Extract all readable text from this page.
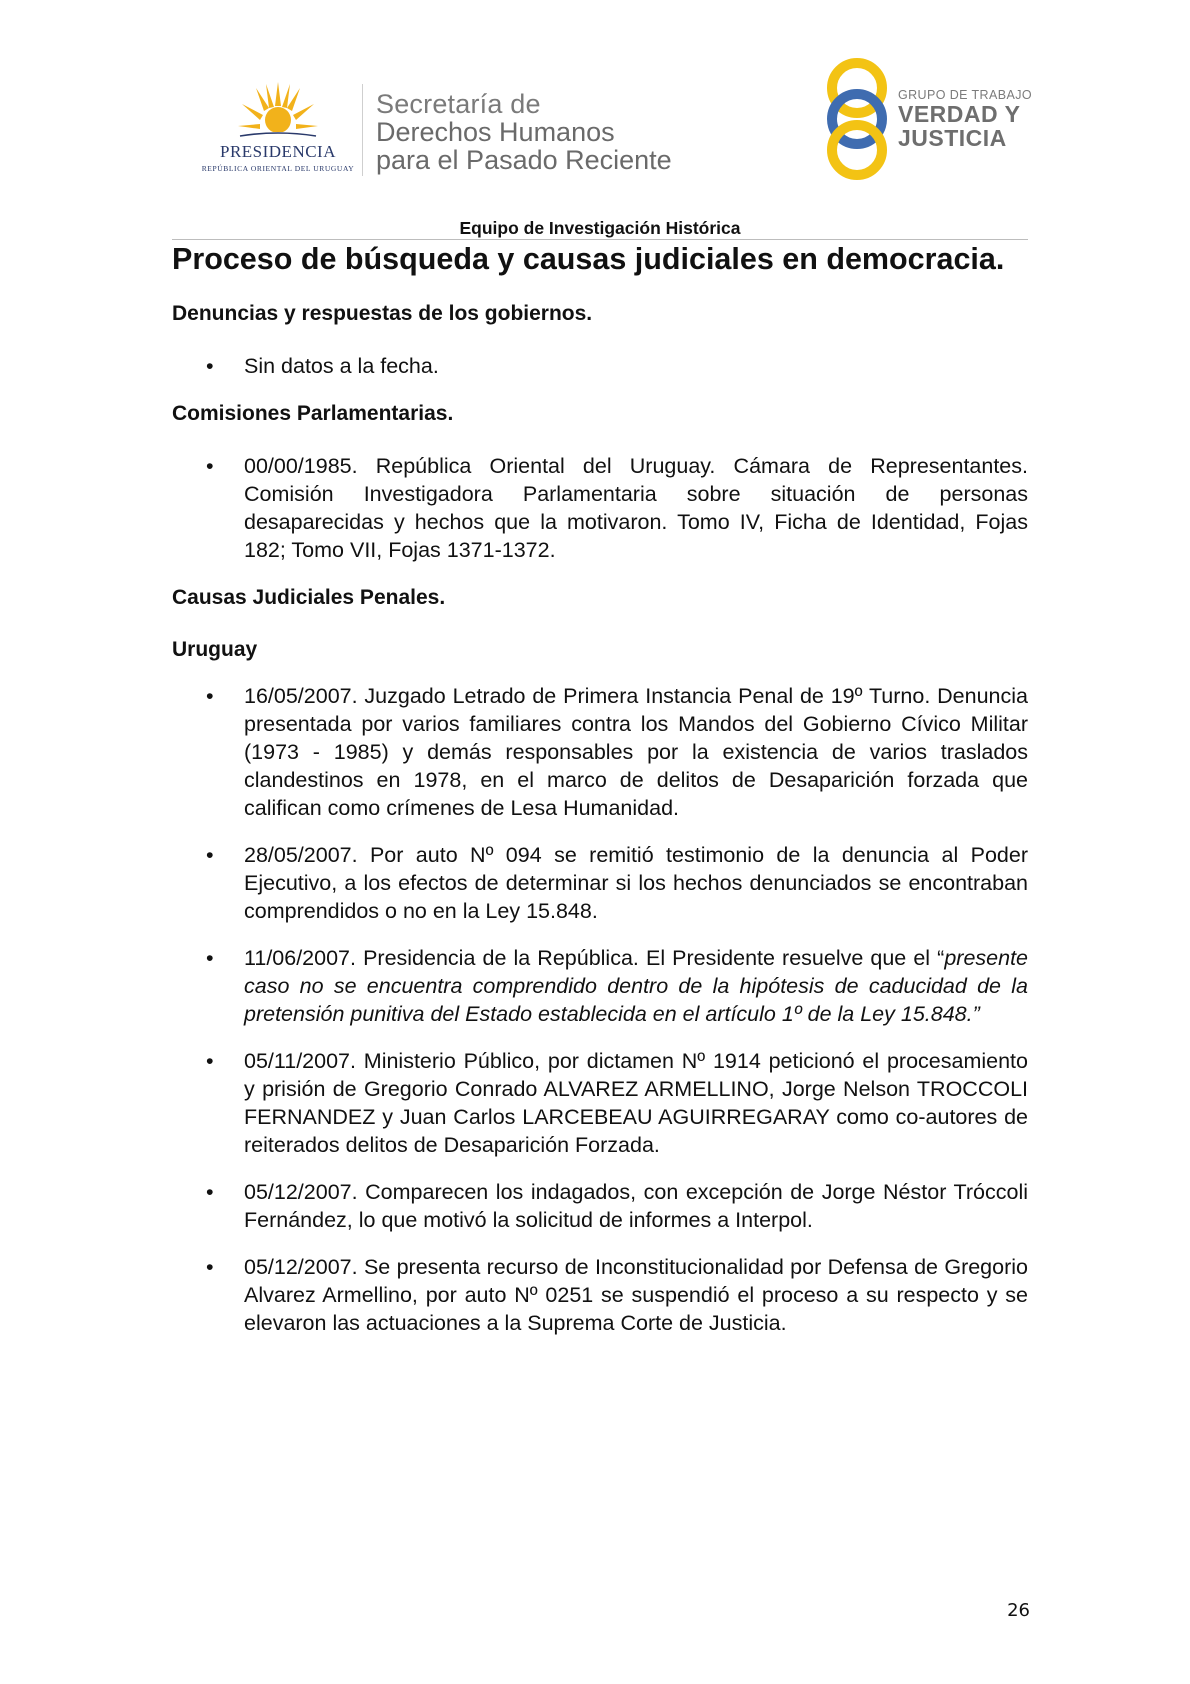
PRESIDENCIA
REPÚBLICA ORIENTAL DEL URUGUAY
Secretaría de
Derechos Humanos
para el Pasado Reciente
GRUPO DE TRABAJO
VERDAD Y
JUSTICIA
Equipo de Investigación Histórica
Proceso de búsqueda y causas judiciales en democracia.
Denuncias y respuestas de los gobiernos.
• Sin datos a la fecha.
Comisiones Parlamentarias.
• 00/00/1985. República Oriental del Uruguay. Cámara de Representantes. Comisión Investigadora Parlamentaria sobre situación de personas desaparecidas y hechos que la motivaron. Tomo IV, Ficha de Identidad, Fojas 182; Tomo VII, Fojas 1371-1372.
Causas Judiciales Penales.
Uruguay
• 16/05/2007. Juzgado Letrado de Primera Instancia Penal de 19º Turno. Denuncia presentada por varios familiares contra los Mandos del Gobierno Cívico Militar (1973 - 1985) y demás responsables por la existencia de varios traslados clandestinos en 1978, en el marco de delitos de Desaparición forzada que califican como crímenes de Lesa Humanidad.
• 28/05/2007. Por auto Nº 094 se remitió testimonio de la denuncia al Poder Ejecutivo, a los efectos de determinar si los hechos denunciados se encontraban comprendidos o no en la Ley 15.848.
• 11/06/2007. Presidencia de la República. El Presidente resuelve que el “presente caso no se encuentra comprendido dentro de la hipótesis de caducidad de la pretensión punitiva del Estado establecida en el artículo 1º de la Ley 15.848.”
• 05/11/2007. Ministerio Público, por dictamen Nº 1914 peticionó el procesamiento y prisión de Gregorio Conrado ALVAREZ ARMELLINO, Jorge Nelson TROCCOLI FERNANDEZ y Juan Carlos LARCEBEAU AGUIRREGARAY como co-autores de reiterados delitos de Desaparición Forzada.
• 05/12/2007. Comparecen los indagados, con excepción de Jorge Néstor Tróccoli Fernández, lo que motivó la solicitud de informes a Interpol.
• 05/12/2007. Se presenta recurso de Inconstitucionalidad por Defensa de Gregorio Alvarez Armellino, por auto Nº 0251 se suspendió el proceso a su respecto y se elevaron las actuaciones a la Suprema Corte de Justicia.
26
